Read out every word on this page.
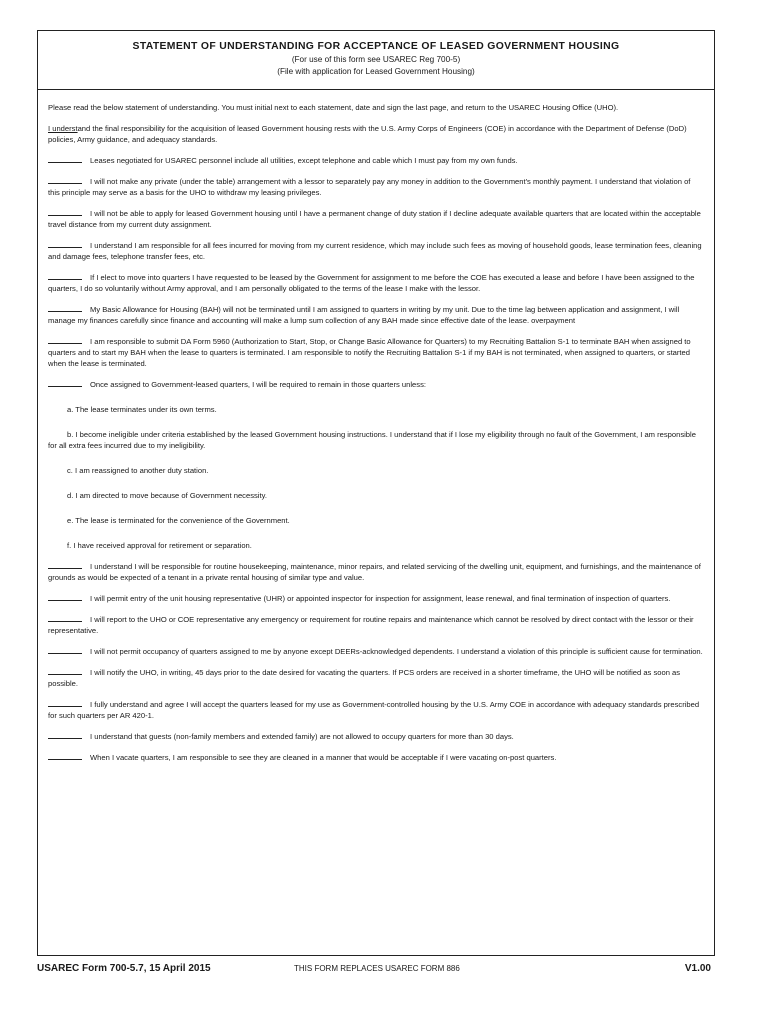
STATEMENT OF UNDERSTANDING FOR ACCEPTANCE OF LEASED GOVERNMENT HOUSING
(For use of this form see USAREC Reg 700-5)
(File with application for Leased Government Housing)

Please read the below statement of understanding. You must initial next to each statement, date and sign the last page, and return to the USAREC Housing Office (UHO).

I understand the final responsibility for the acquisition of leased Government housing rests with the U.S. Army Corps of Engineers (COE) in accordance with the Department of Defense (DoD) policies, Army guidance, and adequacy standards.

Leases negotiated for USAREC personnel include all utilities, except telephone and cable which I must pay from my own funds.

I will not make any private (under the table) arrangement with a lessor to separately pay any money in addition to the Government's monthly payment. I understand that violation of this principle may serve as a basis for the UHO to withdraw my leasing privileges.

I will not be able to apply for leased Government housing until I have a permanent change of duty station if I decline adequate available quarters that are located within the acceptable travel distance from my current duty assignment.

I understand I am responsible for all fees incurred for moving from my current residence, which may include such fees as moving of household goods, lease termination fees, cleaning and damage fees, telephone transfer fees, etc.

If I elect to move into quarters I have requested to be leased by the Government for assignment to me before the COE has executed a lease and before I have been assigned to the quarters, I do so voluntarily without Army approval, and I am personally obligated to the terms of the lease I make with the lessor.

My Basic Allowance for Housing (BAH) will not be terminated until I am assigned to quarters in writing by my unit. Due to the time lag between application and assignment, I will manage my finances carefully since finance and accounting will make a lump sum collection of any BAH made since effective date of the lease. overpayment

I am responsible to submit DA Form 5960 (Authorization to Start, Stop, or Change Basic Allowance for Quarters) to my Recruiting Battalion S-1 to terminate BAH when assigned to quarters and to start my BAH when the lease to quarters is terminated. I am responsible to notify the Recruiting Battalion S-1 if my BAH is not terminated, when assigned to quarters, or started when the lease is terminated.

Once assigned to Government-leased quarters, I will be required to remain in those quarters unless:

a. The lease terminates under its own terms.

b. I become ineligible under criteria established by the leased Government housing instructions. I understand that if I lose my eligibility through no fault of the Government, I am responsible for all extra fees incurred due to my ineligibility.

c. I am reassigned to another duty station.

d. I am directed to move because of Government necessity.

e. The lease is terminated for the convenience of the Government.

f. I have received approval for retirement or separation.

I understand I will be responsible for routine housekeeping, maintenance, minor repairs, and related servicing of the dwelling unit, equipment, and furnishings, and the maintenance of grounds as would be expected of a tenant in a private rental housing of similar type and value.

I will permit entry of the unit housing representative (UHR) or appointed inspector for inspection for assignment, lease renewal, and final termination of inspection of quarters.

I will report to the UHO or COE representative any emergency or requirement for routine repairs and maintenance which cannot be resolved by direct contact with the lessor or their representative.

I will not permit occupancy of quarters assigned to me by anyone except DEERs-acknowledged dependents. I understand a violation of this principle is sufficient cause for termination.

I will notify the UHO, in writing, 45 days prior to the date desired for vacating the quarters. If PCS orders are received in a shorter timeframe, the UHO will be notified as soon as possible.

I fully understand and agree I will accept the quarters leased for my use as Government-controlled housing by the U.S. Army COE in accordance with adequacy standards prescribed for such quarters per AR 420-1.

I understand that guests (non-family members and extended family) are not allowed to occupy quarters for more than 30 days.

When I vacate quarters, I am responsible to see they are cleaned in a manner that would be acceptable if I were vacating on-post quarters.

USAREC Form 700-5.7, 15 April 2015	THIS FORM REPLACES USAREC FORM 886	V1.00
